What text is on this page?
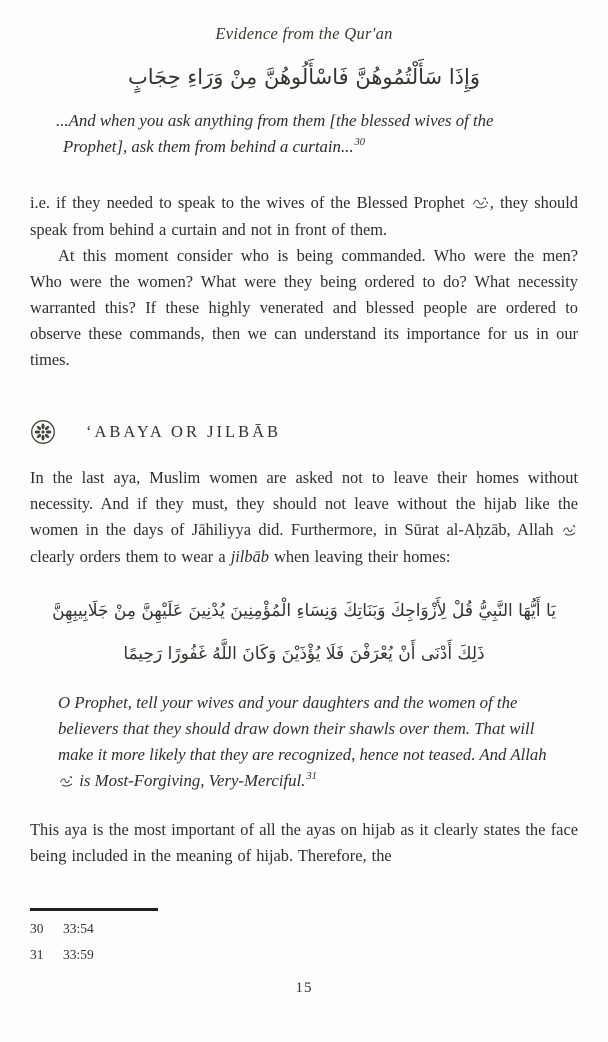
Evidence from the Qur'an
وَإِذَا سَأَلْتُمُوهُنَّ فَاسْأَلُوهُنَّ مِنْ وَرَاءِ حِجَابٍ
...And when you ask anything from them [the blessed wives of the Prophet], ask them from behind a curtain...$^{30}$

i.e. if they needed to speak to the wives of the Blessed Prophet , they should speak from behind a curtain and not in front of them.

At this moment consider who is being commanded. Who were the men? Who were the women? What were they being ordered to do? What necessity warranted this? If these highly venerated and blessed people are ordered to observe these commands, then we can understand its importance for us in our times.

‘ABAYA OR JILBĀB

In the last aya, Muslim women are asked not to leave their homes without necessity. And if they must, they should not leave without the hijab like the women in the days of Jāhiliyya did. Furthermore, in Sūrat al-Aḥzāb, Allah  clearly orders them to wear a jilbāb when leaving their homes:

يَا أَيُّهَا النَّبِيُّ قُلْ لِأَزْوَاجِكَ وَبَنَاتِكَ وَنِسَاءِ الْمُؤْمِنِينَ يُدْنِينَ عَلَيْهِنَّ مِنْ جَلَابِيبِهِنَّ
ذَلِكَ أَدْنَى أَنْ يُعْرَفْنَ فَلَا يُؤْذَيْنَ وَكَانَ اللَّهُ غَفُورًا رَحِيمًا
O Prophet, tell your wives and your daughters and the women of the believers that they should draw down their shawls over them. That will make it more likely that they are recognized, hence not teased. And Allah  is Most-Forgiving, Very-Merciful.$^{31}$

This aya is the most important of all the ayas on hijab as it clearly states the face being included in the meaning of hijab. Therefore, the

30	33:54
31	33:59
15
